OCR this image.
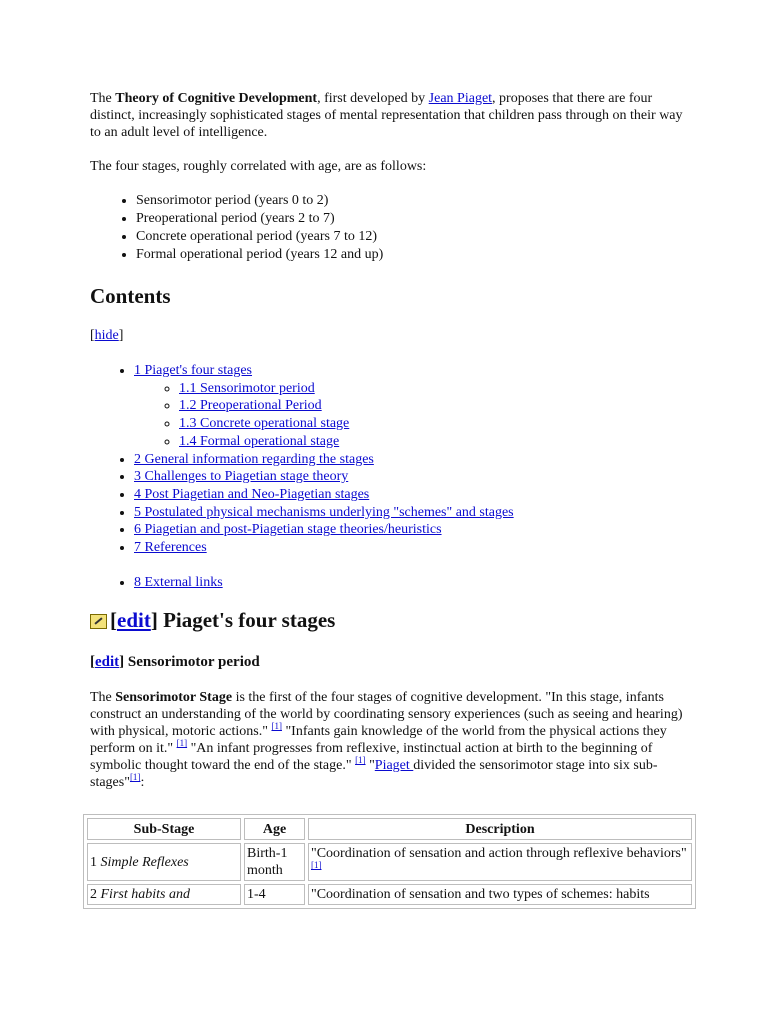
The Theory of Cognitive Development, first developed by Jean Piaget, proposes that there are four distinct, increasingly sophisticated stages of mental representation that children pass through on their way to an adult level of intelligence.

The four stages, roughly correlated with age, are as follows:

• Sensorimotor period (years 0 to 2)
• Preoperational period (years 2 to 7)
• Concrete operational period (years 7 to 12)
• Formal operational period (years 12 and up)
Contents
[hide]
• 1 Piaget's four stages
◦ 1.1 Sensorimotor period
◦ 1.2 Preoperational Period
◦ 1.3 Concrete operational stage
◦ 1.4 Formal operational stage
• 2 General information regarding the stages
• 3 Challenges to Piagetian stage theory
• 4 Post Piagetian and Neo-Piagetian stages
• 5 Postulated physical mechanisms underlying "schemes" and stages
• 6 Piagetian and post-Piagetian stage theories/heuristics
• 7 References
• 8 External links
[ edit ] Piaget's four stages
[edit] Sensorimotor period

The Sensorimotor Stage is the first of the four stages of cognitive development. "In this stage, infants construct an understanding of the world by coordinating sensory experiences (such as seeing and hearing) with physical, motoric actions." [1] "Infants gain knowledge of the world from the physical actions they perform on it." [1] "An infant progresses from reflexive, instinctual action at birth to the beginning of symbolic thought toward the end of the stage." [1] "Piaget divided the sensorimotor stage into six sub-stages"[1]:

Sub-Stage	Age	Description
1 Simple Reflexes	Birth-1 month	"Coordination of sensation and action through reflexive behaviors" [1]
2 First habits and	1-4	"Coordination of sensation and two types of schemes: habits
